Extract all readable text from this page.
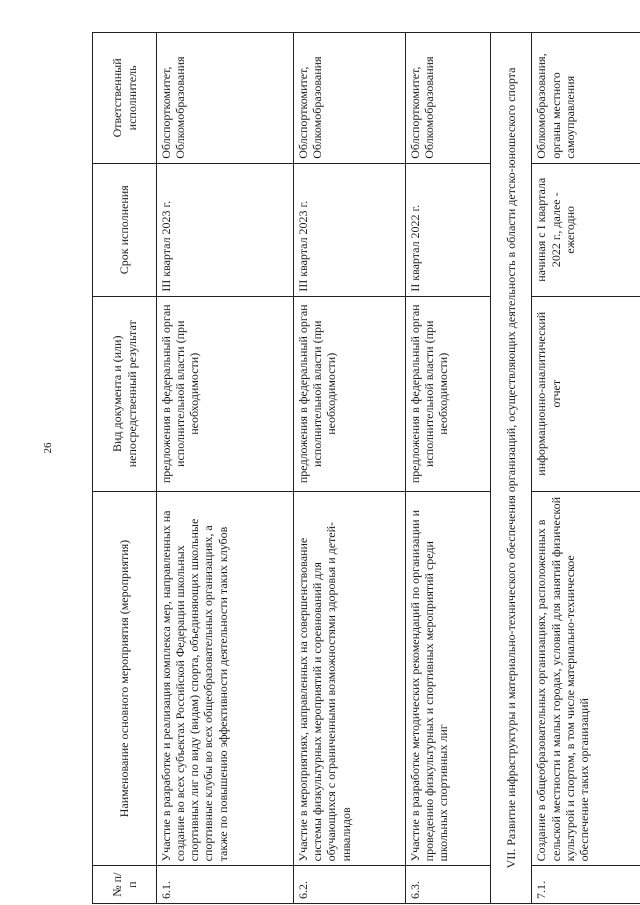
26
№ п/п	Наименование основного мероприятия (мероприятия)	Вид документа и (или) непосредственный результат	Срок исполнения	Ответственный исполнитель
6.1.	Участие в разработке и реализация комплекса мер, направленных на создание во всех субъектах Российской Федерации школьных спортивных лиг по виду (видам) спорта, объединяющих школьные спортивные клубы во всех общеобразовательных организациях, а также по повышению эффективности деятельности таких клубов	предложения в федеральный орган исполнительной власти (при необходимости)	III квартал 2023 г.	Облспорткомитет, Облкомобразования
6.2.	Участие в мероприятиях, направленных на совершенствование системы физкультурных мероприятий и соревнований для обучающихся с ограниченными возможностями здоровья и детей-инвалидов	предложения в федеральный орган исполнительной власти (при необходимости)	III квартал 2023 г.	Облспорткомитет, Облкомобразования
6.3.	Участие в разработке методических рекомендаций по организации и проведению физкультурных и спортивных мероприятий среди школьных спортивных лиг	предложения в федеральный орган исполнительной власти (при необходимости)	II квартал 2022 г.	Облспорткомитет, Облкомобразования
VII. Развитие инфраструктуры и материально-технического обеспечения организаций, осуществляющих деятельность в области детско-юношеского спорта				
7.1.	Создание в общеобразовательных организациях, расположенных в сельской местности и малых городах, условий для занятий физической культурой и спортом, в том числе материально-техническое обеспечение таких организаций	информационно-аналитический отчет	начиная с I квартала 2022 г., далее - ежегодно	Облкомобразования, органы местного самоуправления
